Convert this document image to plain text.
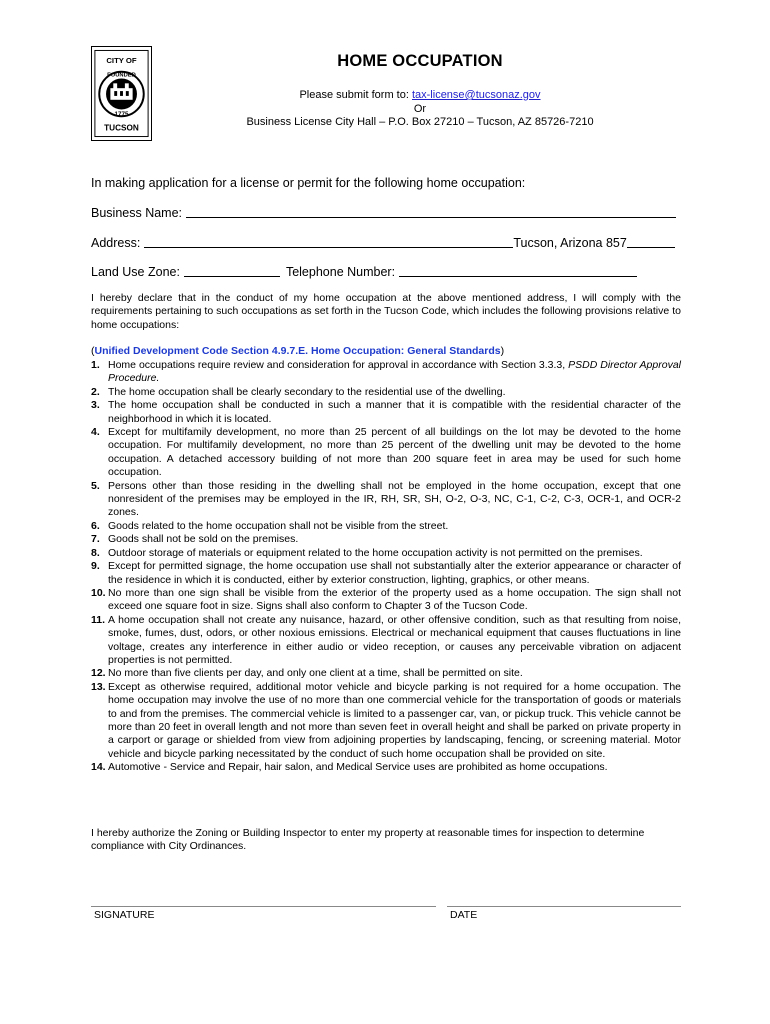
CITY OF
FOUNDED
1775
TUCSON
HOME OCCUPATION
Please submit form to: tax-license@tucsonaz.gov
Or
Business License City Hall – P.O. Box 27210 – Tucson, AZ 85726-7210
In making application for a license or permit for the following home occupation:
Business Name:
Address:	Tucson, Arizona 857
Land Use Zone:	Telephone Number:
I hereby declare that in the conduct of my home occupation at the above mentioned address, I will comply with the requirements pertaining to such occupations as set forth in the Tucson Code, which includes the following provisions relative to home occupations:
(Unified Development Code Section 4.9.7.E. Home Occupation: General Standards)
1. Home occupations require review and consideration for approval in accordance with Section 3.3.3, PSDD Director Approval Procedure.
2. The home occupation shall be clearly secondary to the residential use of the dwelling.
3. The home occupation shall be conducted in such a manner that it is compatible with the residential character of the neighborhood in which it is located.
4. Except for multifamily development, no more than 25 percent of all buildings on the lot may be devoted to the home occupation. For multifamily development, no more than 25 percent of the dwelling unit may be devoted to the home occupation. A detached accessory building of not more than 200 square feet in area may be used for such home occupation.
5. Persons other than those residing in the dwelling shall not be employed in the home occupation, except that one nonresident of the premises may be employed in the IR, RH, SR, SH, O-2, O-3, NC, C-1, C-2, C-3, OCR-1, and OCR-2 zones.
6. Goods related to the home occupation shall not be visible from the street.
7. Goods shall not be sold on the premises.
8. Outdoor storage of materials or equipment related to the home occupation activity is not permitted on the premises.
9. Except for permitted signage, the home occupation use shall not substantially alter the exterior appearance or character of the residence in which it is conducted, either by exterior construction, lighting, graphics, or other means.
10. No more than one sign shall be visible from the exterior of the property used as a home occupation. The sign shall not exceed one square foot in size. Signs shall also conform to Chapter 3 of the Tucson Code.
11. A home occupation shall not create any nuisance, hazard, or other offensive condition, such as that resulting from noise, smoke, fumes, dust, odors, or other noxious emissions. Electrical or mechanical equipment that causes fluctuations in line voltage, creates any interference in either audio or video reception, or causes any perceivable vibration on adjacent properties is not permitted.
12. No more than five clients per day, and only one client at a time, shall be permitted on site.
13. Except as otherwise required, additional motor vehicle and bicycle parking is not required for a home occupation. The home occupation may involve the use of no more than one commercial vehicle for the transportation of goods or materials to and from the premises. The commercial vehicle is limited to a passenger car, van, or pickup truck. This vehicle cannot be more than 20 feet in overall length and not more than seven feet in overall height and shall be parked on private property in a carport or garage or shielded from view from adjoining properties by landscaping, fencing, or screening material. Motor vehicle and bicycle parking necessitated by the conduct of such home occupation shall be provided on site.
14. Automotive - Service and Repair, hair salon, and Medical Service uses are prohibited as home occupations.
I hereby authorize the Zoning or Building Inspector to enter my property at reasonable times for inspection to determine compliance with City Ordinances.
SIGNATURE	DATE
